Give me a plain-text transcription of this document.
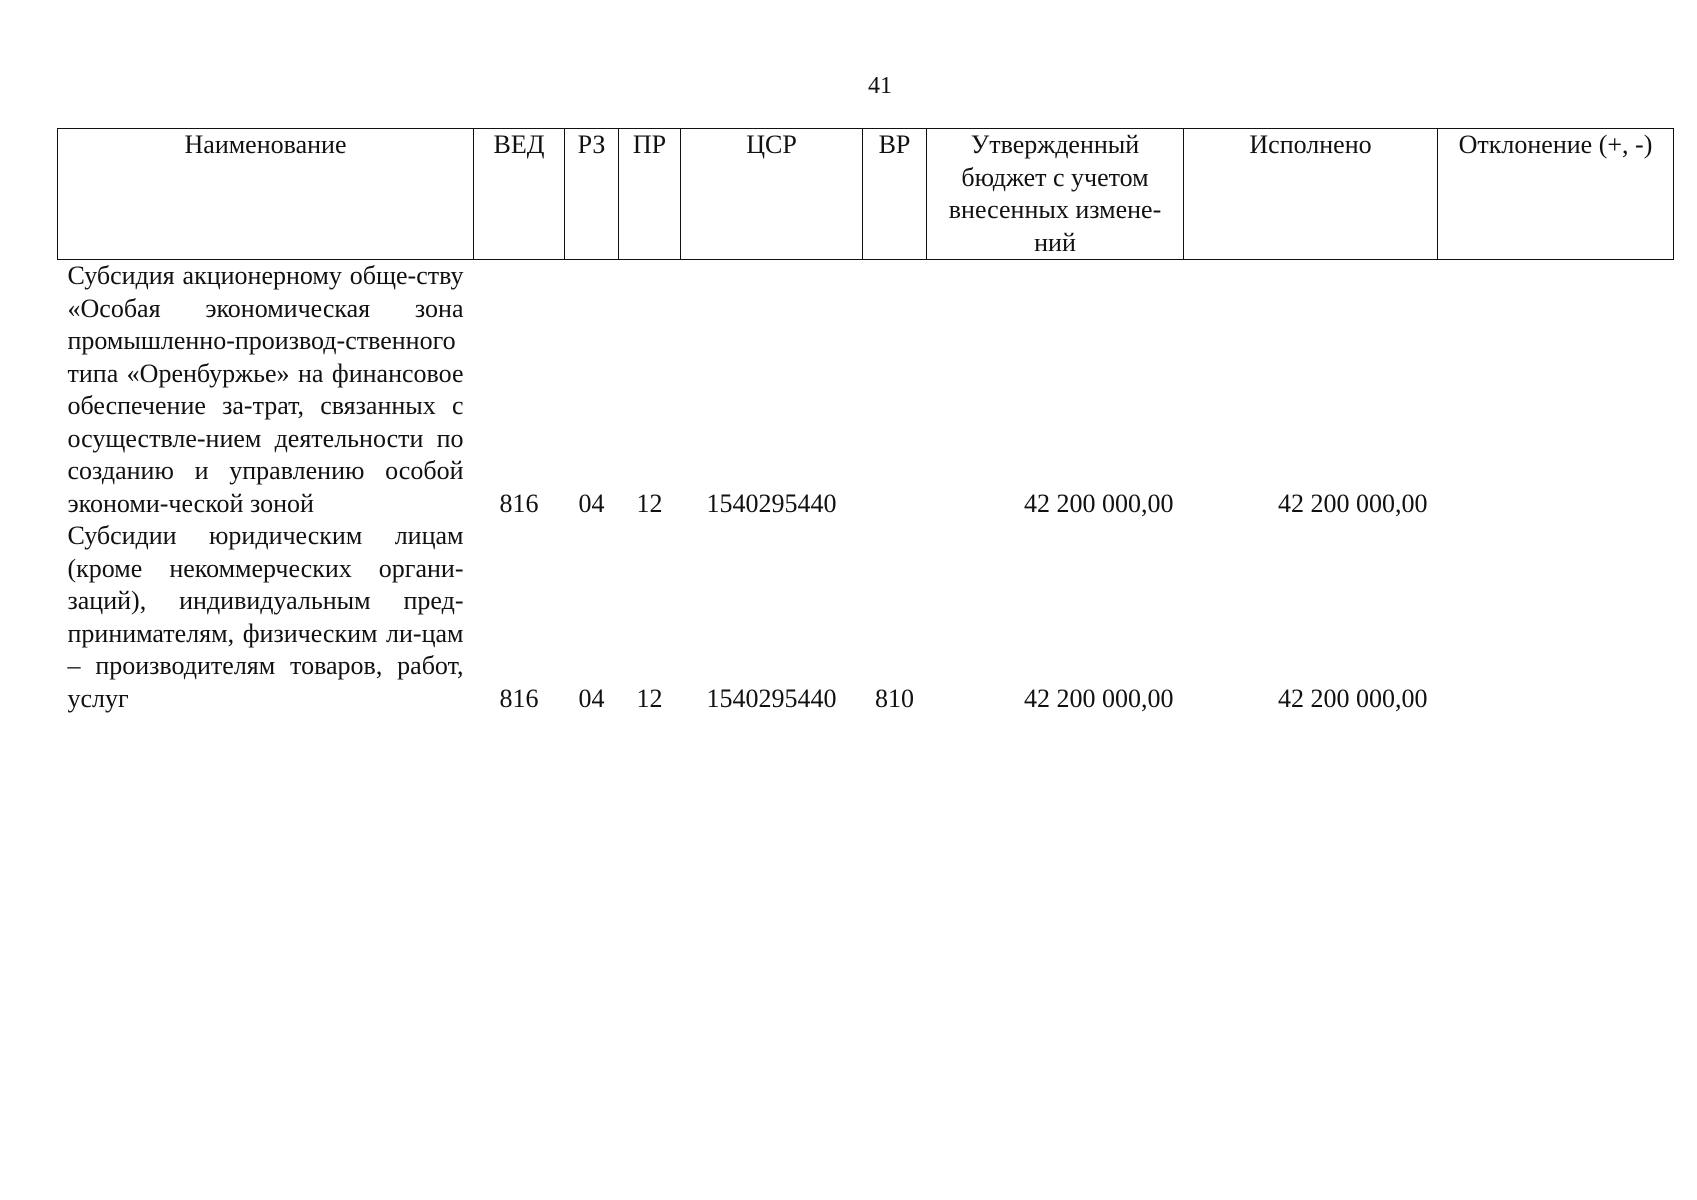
41
Наименование	ВЕД	РЗ	ПР	ЦСР	ВР	Утвержденный бюджет с учетом внесенных измене-ний	Исполнено	Отклонение (+, -)
Субсидия акционерному обще-ству «Особая экономическая зона промышленно-производ-ственного типа «Оренбуржье» на финансовое обеспечение за-трат, связанных с осуществле-нием деятельности по созданию и управлению особой экономи-ческой зоной	816	04	12	1540295440		42 200 000,00	42 200 000,00	
Субсидии юридическим лицам (кроме некоммерческих органи-заций), индивидуальным пред-принимателям, физическим ли-цам – производителям товаров, работ, услуг	816	04	12	1540295440	810	42 200 000,00	42 200 000,00	
